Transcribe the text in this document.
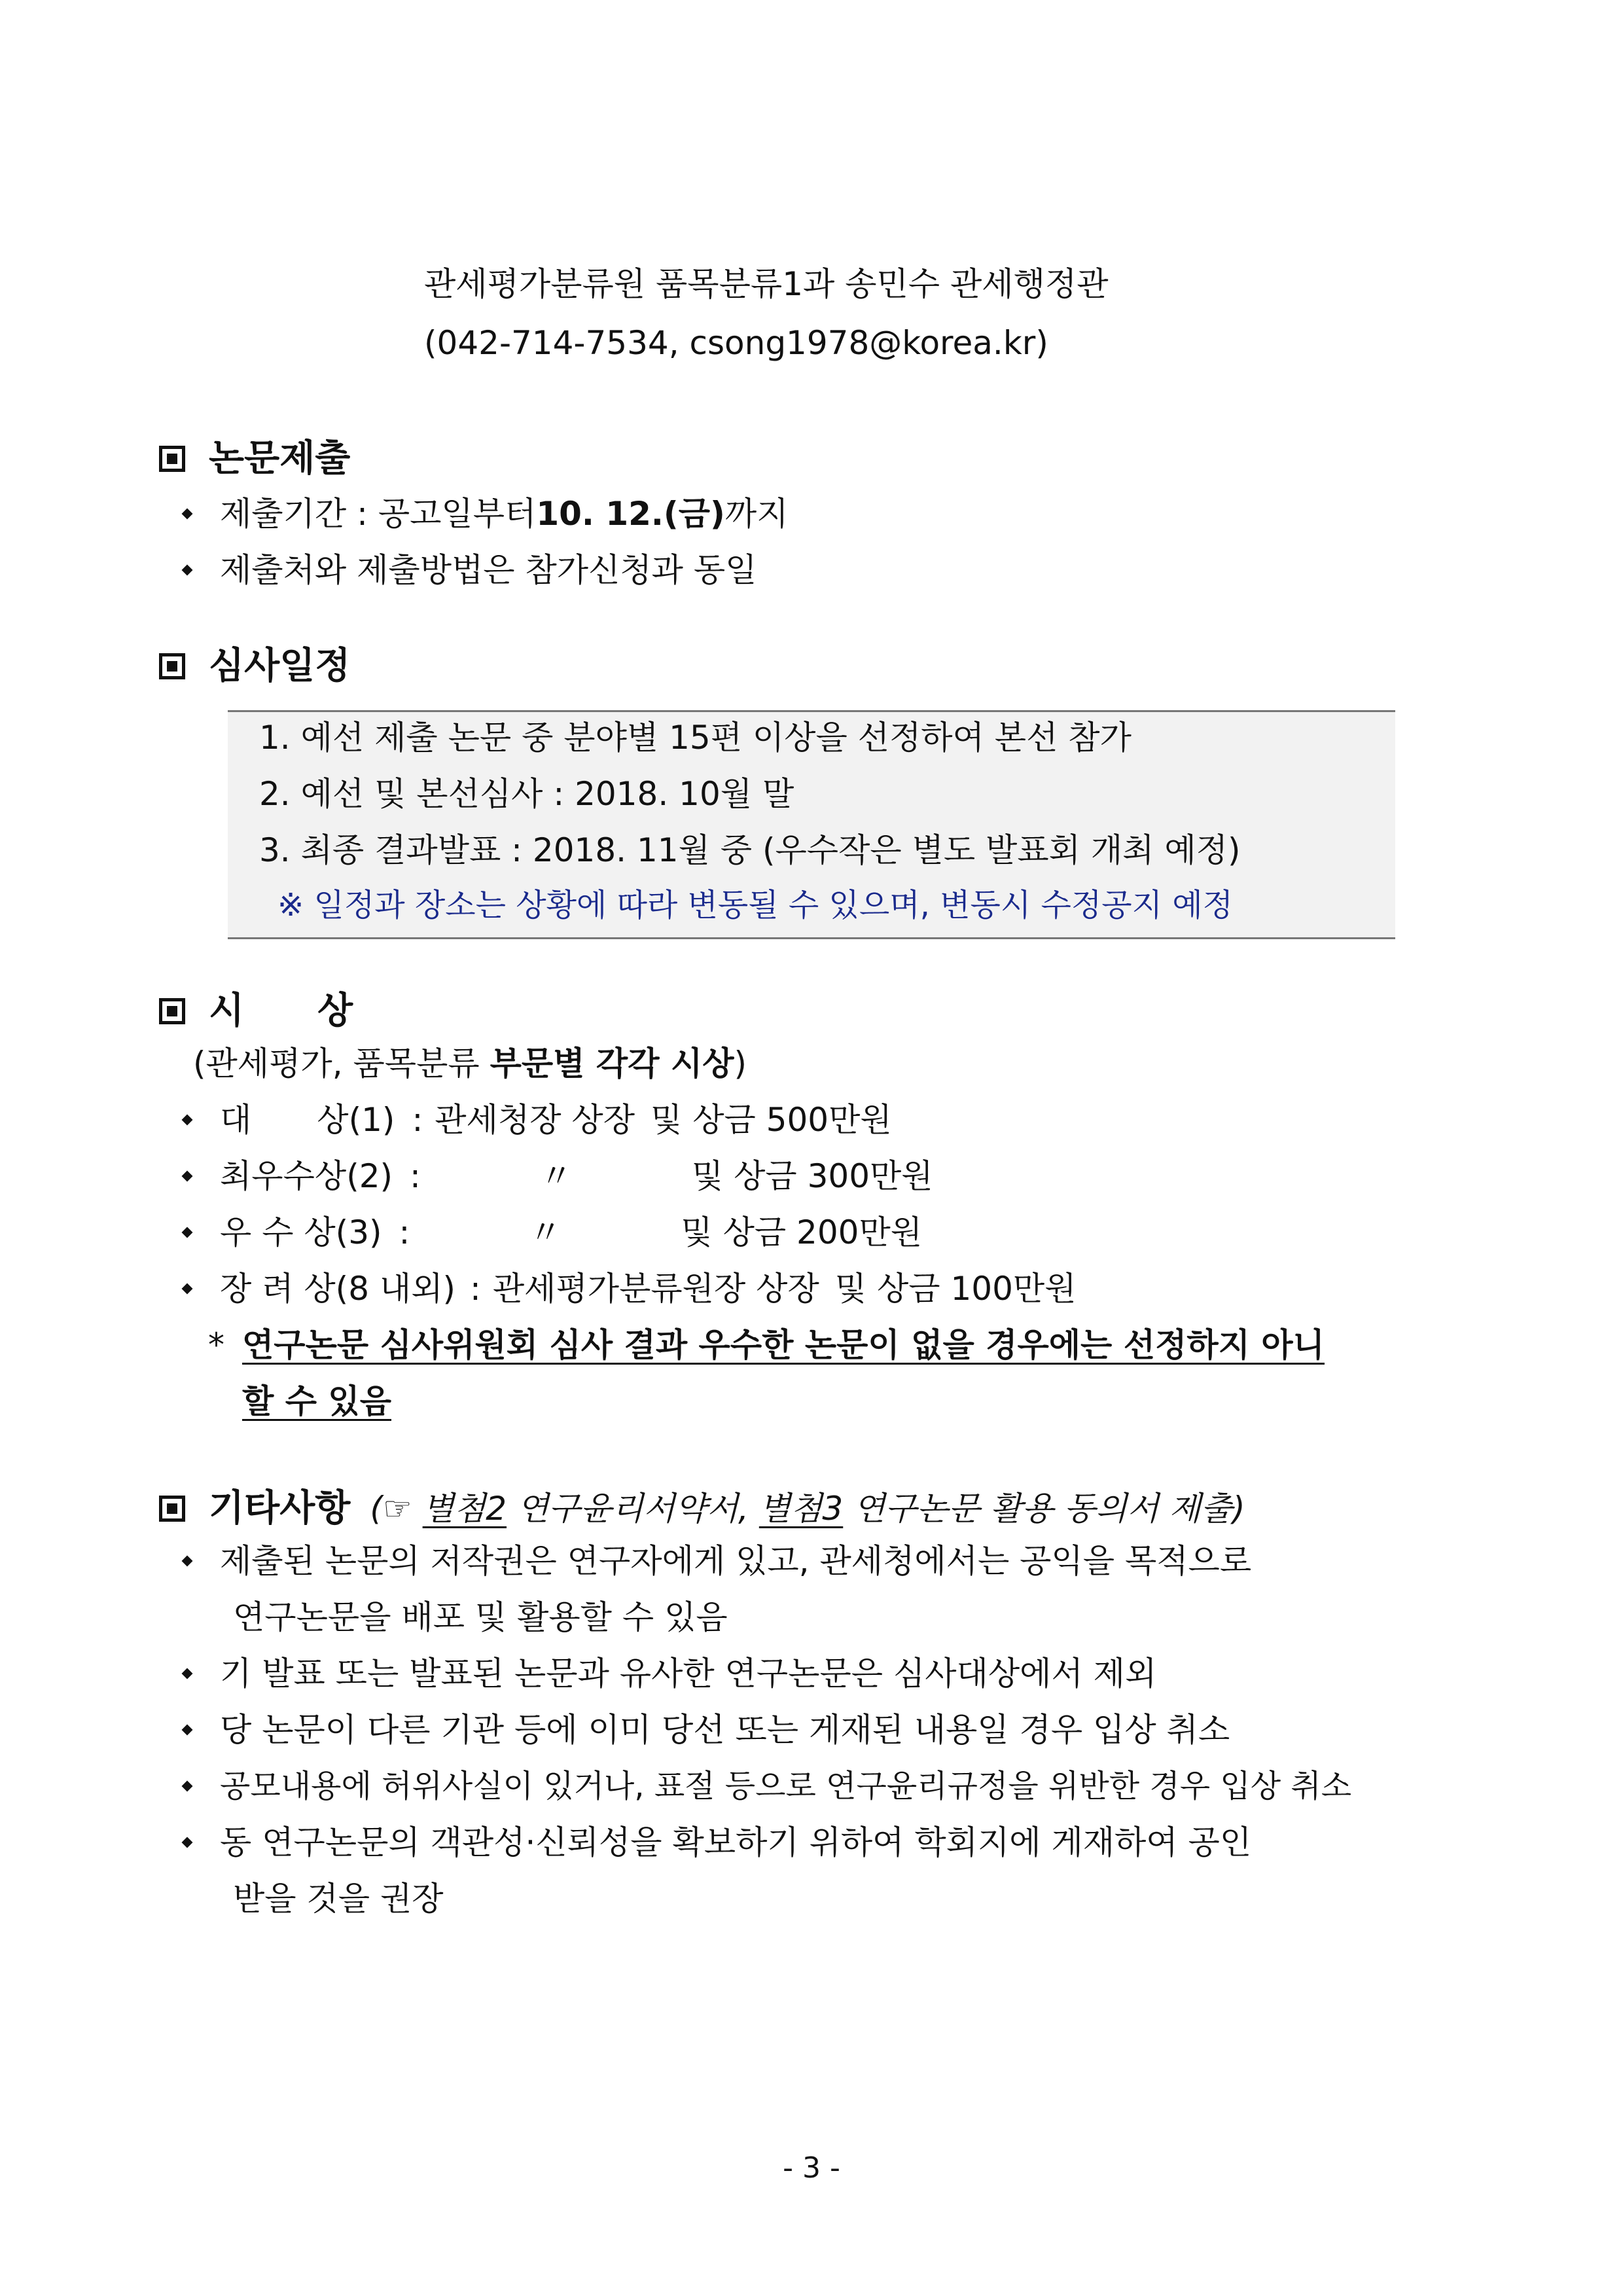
관세평가분류원 품목분류1과 송민수 관세행정관
(042-714-7534, csong1978@korea.kr)
논문제출
제출기간 : 공고일부터 10. 12.(금) 까지
제출처와 제출방법은 참가신청과 동일
심사일정
1. 예선 제출 논문 중 분야별 15편 이상을 선정하여 본선 참가
2. 예선 및 본선심사 : 2018. 10월 말
3. 최종 결과발표 : 2018. 11월 중 (우수작은 별도 발표회 개최 예정)
※ 일정과 장소는 상황에 따라 변동될 수 있으며, 변동시 수정공지 예정
시　　상
(관세평가, 품목분류 부문별 각각 시상)
대　　상(1) : 관세청장 상장 및 상금 500만원
최우수상(2) :	〃	및 상금 300만원
우 수 상(3) :	〃	및 상금 200만원
장 려 상(8 내외) : 관세평가분류원장 상장 및 상금 100만원
* 연구논문 심사위원회 심사 결과 우수한 논문이 없을 경우에는 선정하지 아니
할 수 있음
기타사항 (☞ 별첨2 연구윤리서약서, 별첨3 연구논문 활용 동의서 제출)
제출된 논문의 저작권은 연구자에게 있고, 관세청에서는 공익을 목적으로
연구논문을 배포 및 활용할 수 있음
기 발표 또는 발표된 논문과 유사한 연구논문은 심사대상에서 제외
당 논문이 다른 기관 등에 이미 당선 또는 게재된 내용일 경우 입상 취소
공모내용에 허위사실이 있거나, 표절 등으로 연구윤리규정을 위반한 경우 입상 취소
동 연구논문의 객관성·신뢰성을 확보하기 위하여 학회지에 게재하여 공인
받을 것을 권장
- 3 -
